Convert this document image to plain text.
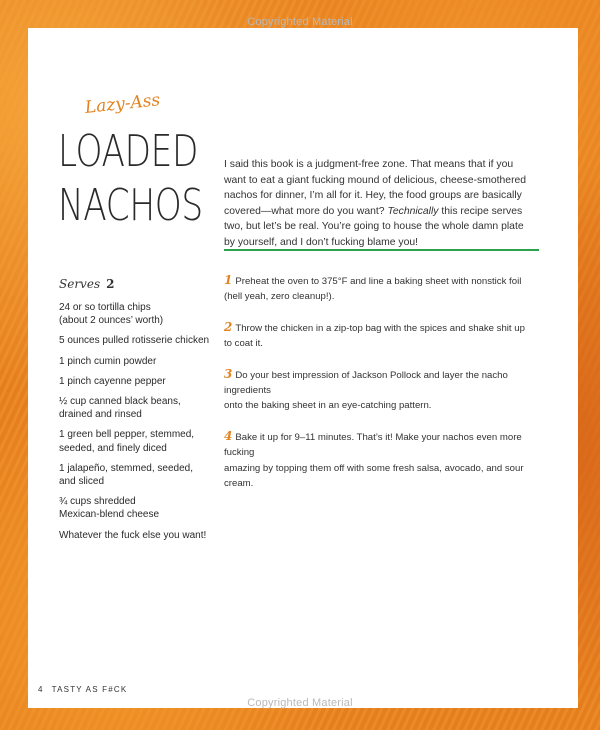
Copyrighted Material
Lazy-Ass
LOADED
NACHOS
I said this book is a judgment-free zone. That means that if you want to eat a giant fucking mound of delicious, cheese-smothered nachos for dinner, I’m all for it. Hey, the food groups are basically covered—what more do you want? Technically this recipe serves two, but let’s be real. You’re going to house the whole damn plate by yourself, and I don’t fucking blame you!
Serves 2
24 or so tortilla chips
(about 2 ounces’ worth)
5 ounces pulled rotisserie chicken
1 pinch cumin powder
1 pinch cayenne pepper
½ cup canned black beans,
drained and rinsed
1 green bell pepper, stemmed,
seeded, and finely diced
1 jalapeño, stemmed, seeded,
and sliced
¾ cups shredded
Mexican-blend cheese
Whatever the fuck else you want!
1 Preheat the oven to 375°F and line a baking sheet with nonstick foil
(hell yeah, zero cleanup!).
2 Throw the chicken in a zip-top bag with the spices and shake shit up
to coat it.
3 Do your best impression of Jackson Pollock and layer the nacho ingredients
onto the baking sheet in an eye-catching pattern.
4 Bake it up for 9–11 minutes. That’s it! Make your nachos even more fucking
amazing by topping them off with some fresh salsa, avocado, and sour cream.
4 TASTY AS F#CK
Copyrighted Material
